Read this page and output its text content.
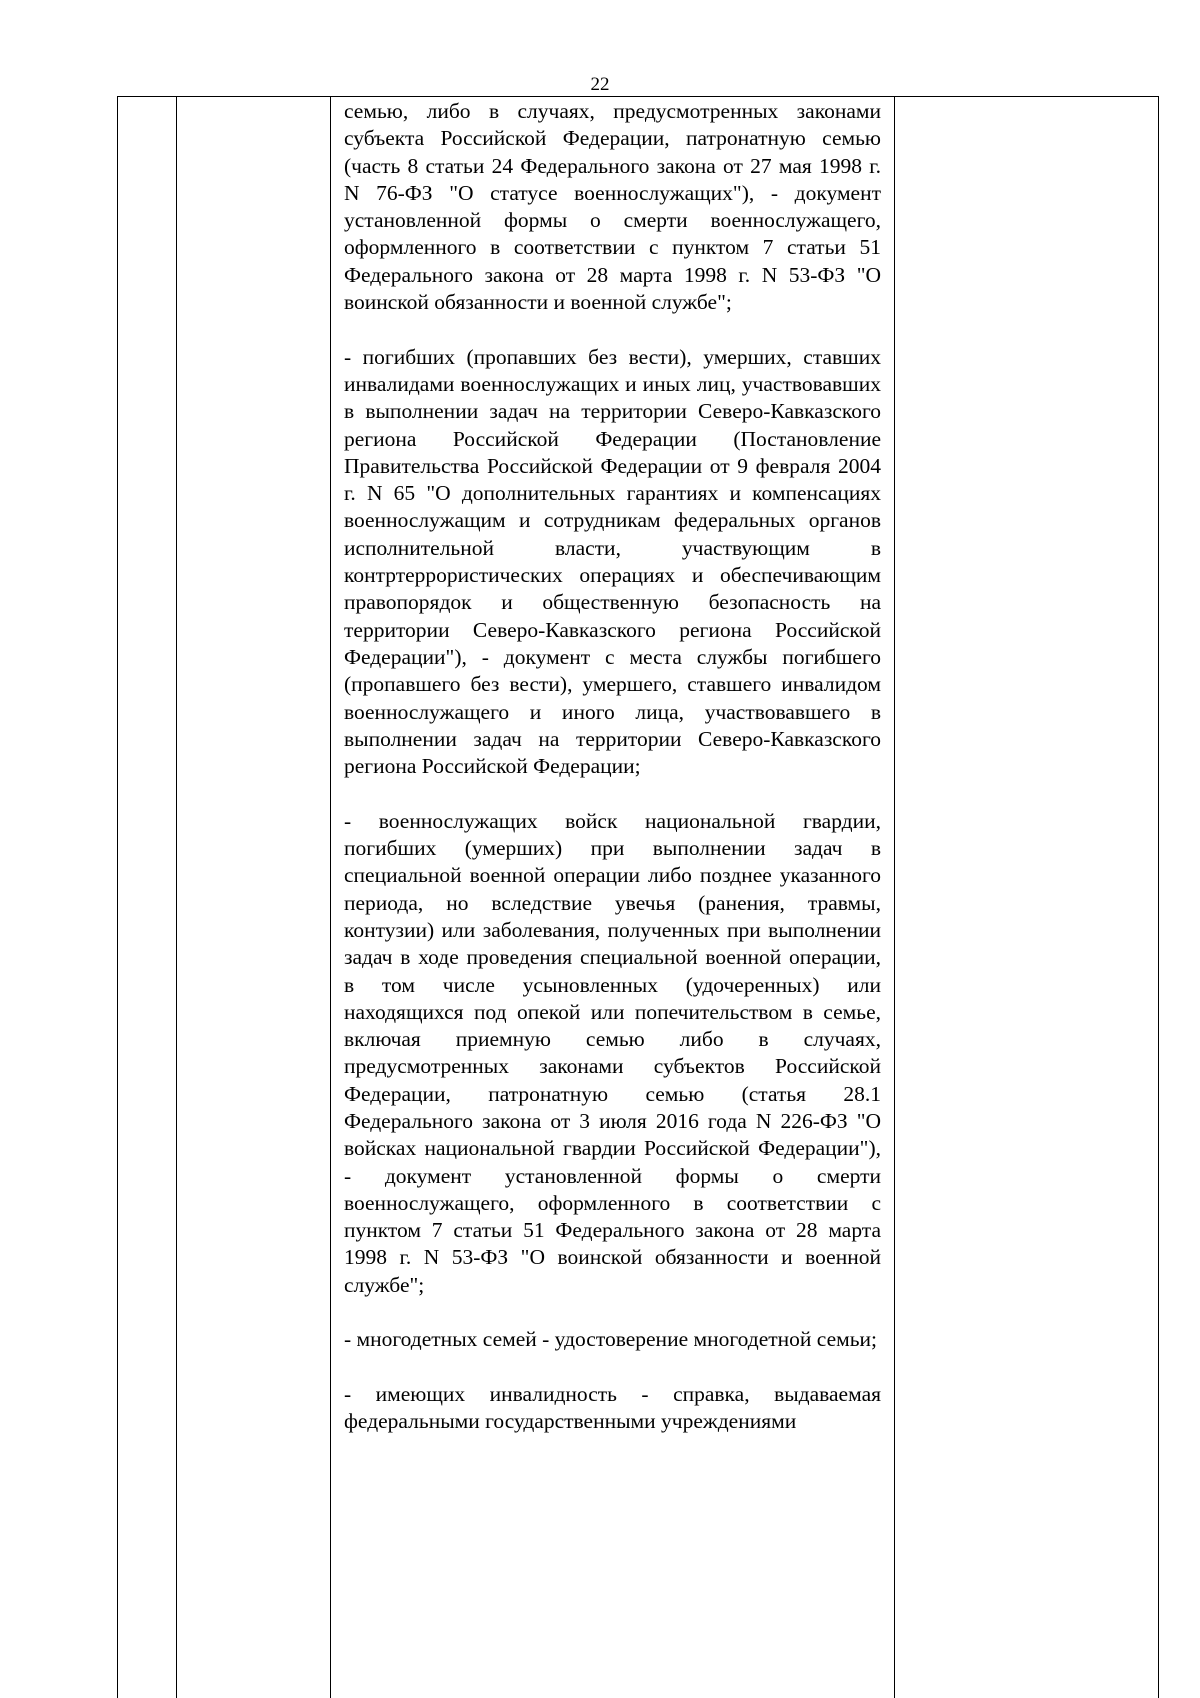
22

семью, либо в случаях, предусмотренных законами субъекта Российской Федерации, патронатную семью (часть 8 статьи 24 Федерального закона от 27 мая 1998 г. N 76-ФЗ "О статусе военнослужащих"), - документ установленной формы о смерти военнослужащего, оформленного в соответствии с пунктом 7 статьи 51 Федерального закона от 28 марта 1998 г. N 53-ФЗ "О воинской обязанности и военной службе";

- погибших (пропавших без вести), умерших, ставших инвалидами военнослужащих и иных лиц, участвовавших в выполнении задач на территории Северо-Кавказского региона Российской Федерации (Постановление Правительства Российской Федерации от 9 февраля 2004 г. N 65 "О дополнительных гарантиях и компенсациях военнослужащим и сотрудникам федеральных органов исполнительной власти, участвующим в контртеррористических операциях и обеспечивающим правопорядок и общественную безопасность на территории Северо-Кавказского региона Российской Федерации"), - документ с места службы погибшего (пропавшего без вести), умершего, ставшего инвалидом военнослужащего и иного лица, участвовавшего в выполнении задач на территории Северо-Кавказского региона Российской Федерации;

- военнослужащих войск национальной гвардии, погибших (умерших) при выполнении задач в специальной военной операции либо позднее указанного периода, но вследствие увечья (ранения, травмы, контузии) или заболевания, полученных при выполнении задач в ходе проведения специальной военной операции, в том числе усыновленных (удочеренных) или находящихся под опекой или попечительством в семье, включая приемную семью либо в случаях, предусмотренных законами субъектов Российской Федерации, патронатную семью (статья 28.1 Федерального закона от 3 июля 2016 года N 226-ФЗ "О войсках национальной гвардии Российской Федерации"), - документ установленной формы о смерти военнослужащего, оформленного в соответствии с пунктом 7 статьи 51 Федерального закона от 28 марта 1998 г. N 53-ФЗ "О воинской обязанности и военной службе";

- многодетных семей - удостоверение многодетной семьи;

- имеющих инвалидность - справка, выдаваемая федеральными государственными учреждениями
